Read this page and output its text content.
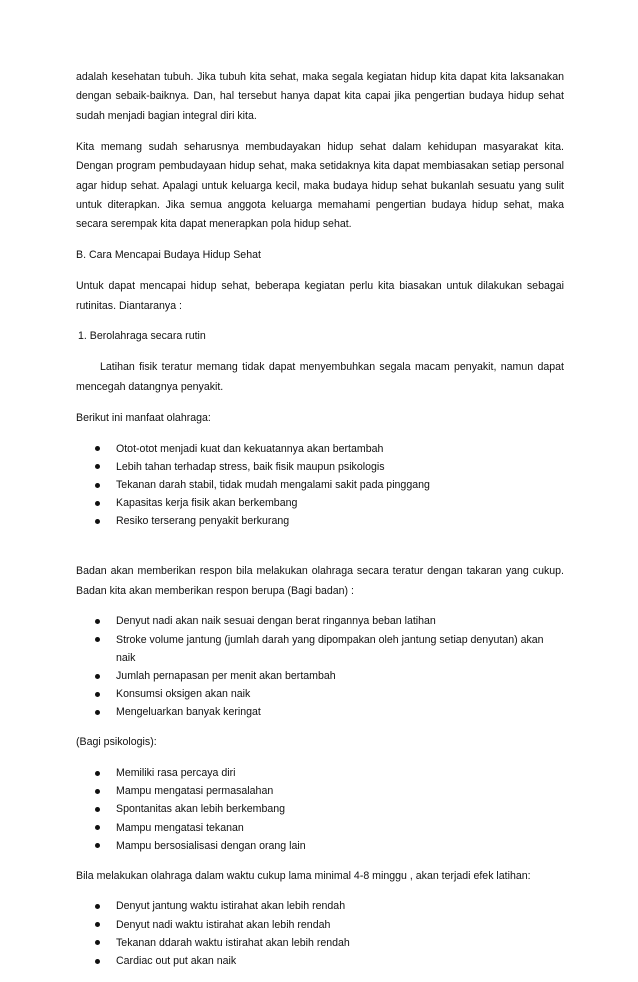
adalah kesehatan tubuh. Jika tubuh kita sehat, maka segala kegiatan hidup kita dapat kita laksanakan dengan sebaik-baiknya. Dan, hal tersebut hanya dapat kita capai jika pengertian budaya hidup sehat sudah menjadi bagian integral diri kita.

Kita memang sudah seharusnya membudayakan hidup sehat dalam kehidupan masyarakat kita. Dengan program pembudayaan hidup sehat, maka setidaknya kita dapat membiasakan setiap personal agar hidup sehat. Apalagi untuk keluarga kecil, maka budaya hidup sehat bukanlah sesuatu yang sulit untuk diterapkan. Jika semua anggota keluarga memahami pengertian budaya hidup sehat, maka secara serempak kita dapat menerapkan pola hidup sehat.

B. Cara Mencapai Budaya Hidup Sehat

Untuk dapat mencapai hidup sehat, beberapa kegiatan perlu kita biasakan untuk dilakukan sebagai rutinitas. Diantaranya :

1. Berolahraga secara rutin

Latihan fisik teratur memang tidak dapat menyembuhkan segala macam penyakit, namun dapat mencegah datangnya penyakit.

Berikut ini manfaat olahraga:

Otot-otot menjadi kuat dan kekuatannya akan bertambah
Lebih tahan terhadap stress, baik fisik maupun psikologis
Tekanan darah stabil, tidak mudah mengalami sakit pada pinggang
Kapasitas kerja fisik akan berkembang
Resiko terserang penyakit berkurang

Badan akan memberikan respon bila melakukan olahraga secara teratur dengan takaran yang cukup. Badan kita akan memberikan respon berupa (Bagi badan) :

Denyut nadi akan naik sesuai dengan berat ringannya beban latihan
Stroke volume jantung (jumlah darah yang dipompakan oleh jantung setiap denyutan) akan naik
Jumlah pernapasan per menit akan bertambah
Konsumsi oksigen akan naik
Mengeluarkan banyak keringat

(Bagi psikologis):

Memiliki rasa percaya diri
Mampu mengatasi permasalahan
Spontanitas akan lebih berkembang
Mampu mengatasi tekanan
Mampu bersosialisasi dengan orang lain

Bila melakukan olahraga dalam waktu cukup lama minimal 4-8 minggu , akan terjadi efek latihan:

Denyut jantung waktu istirahat akan lebih rendah
Denyut nadi waktu istirahat akan lebih rendah
Tekanan ddarah waktu istirahat akan lebih rendah
Cardiac out put akan naik
